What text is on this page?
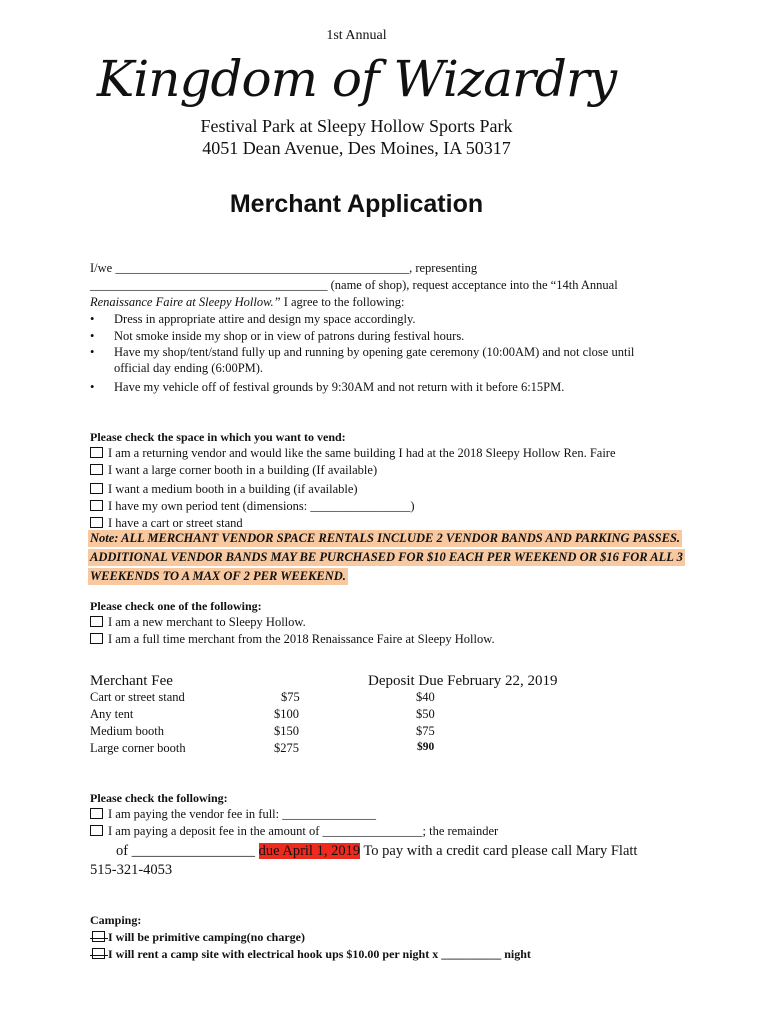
1st Annual
Kingdom of Wizardry
Festival Park at Sleepy Hollow Sports Park
4051 Dean Avenue, Des Moines, IA 50317
Merchant Application
I/we _______________________________________________, representing
______________________________________ (name of shop), request acceptance into the “14th Annual
Renaissance Faire at Sleepy Hollow.” I agree to the following:
• Dress in appropriate attire and design my space accordingly.
• Not smoke inside my shop or in view of patrons during festival hours.
• Have my shop/tent/stand fully up and running by opening gate ceremony (10:00AM) and not close until
official day ending (6:00PM).
• Have my vehicle off of festival grounds by 9:30AM and not return with it before 6:15PM.
Please check the space in which you want to vend:
I am a returning vendor and would like the same building I had at the 2018 Sleepy Hollow Ren. Faire
I want a large corner booth in a building (If available)
I want a medium booth in a building (if available)
I have my own period tent (dimensions: ________________)
I have a cart or street stand
Note: ALL MERCHANT VENDOR SPACE RENTALS INCLUDE 2 VENDOR BANDS AND PARKING PASSES.
ADDITIONAL VENDOR BANDS MAY BE PURCHASED FOR $10 EACH PER WEEKEND OR $16 FOR ALL 3
WEEKENDS TO A MAX OF 2 PER WEEKEND.
Please check one of the following:
I am a new merchant to Sleepy Hollow.
I am a full time merchant from the 2018 Renaissance Faire at Sleepy Hollow.
Merchant Fee	Deposit Due February 22, 2019
Cart or street stand	$75	$40
Any tent	$100	$50
Medium booth	$150	$75
Large corner booth	$275	$90
Please check the following:
I am paying the vendor fee in full: _______________
I am paying a deposit fee in the amount of ________________; the remainder
of _________________ due April 1, 2019 To pay with a credit card please call Mary Flatt
515-321-4053
Camping:
I will be primitive camping(no charge)
I will rent a camp site with electrical hook ups $10.00 per night x __________ night
